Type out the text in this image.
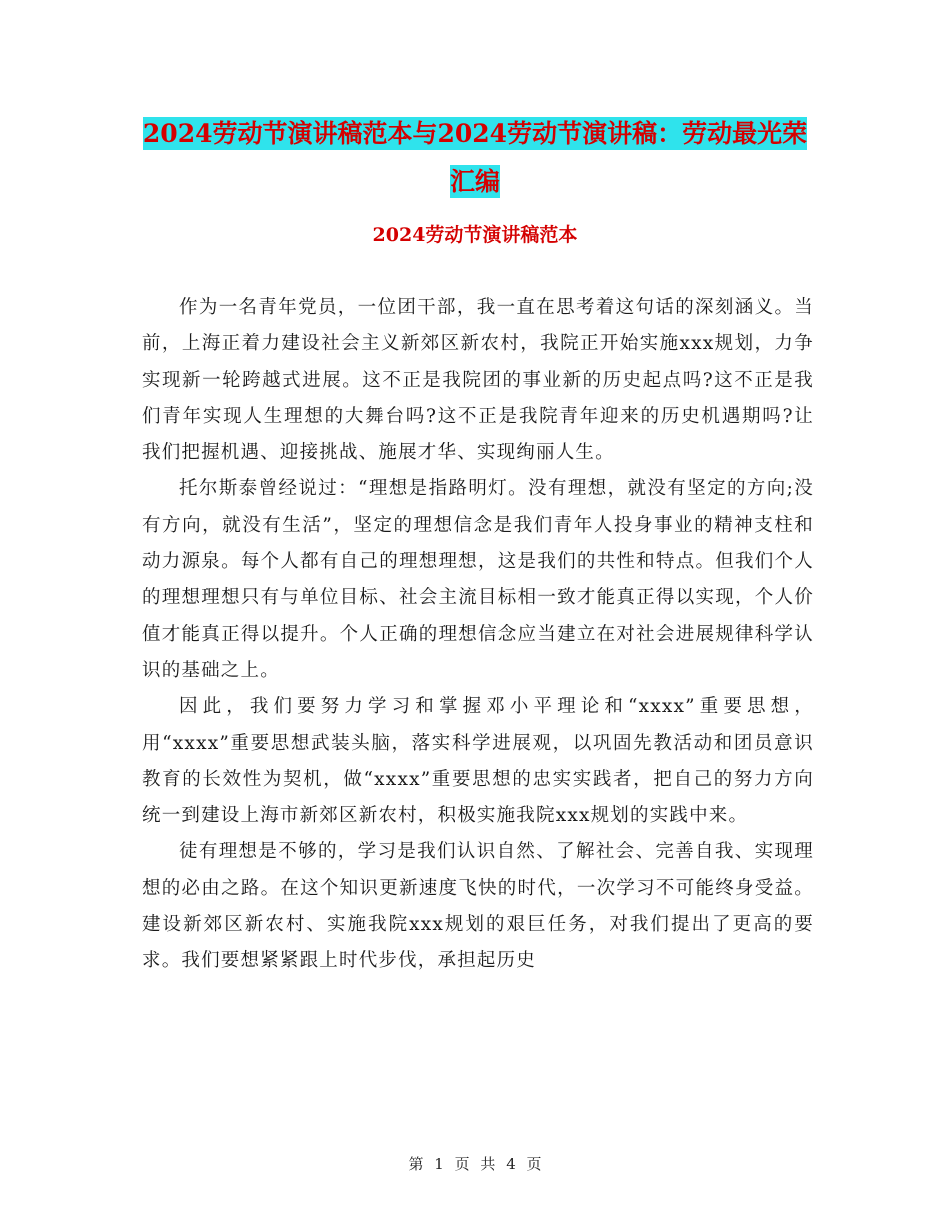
2024劳动节演讲稿范本与2024劳动节演讲稿：劳动最光荣汇编
2024劳动节演讲稿范本

作为一名青年党员，一位团干部，我一直在思考着这句话的深刻涵义。当前，上海正着力建设社会主义新郊区新农村，我院正开始实施xxx规划，力争实现新一轮跨越式进展。这不正是我院团的事业新的历史起点吗?这不正是我们青年实现人生理想的大舞台吗?这不正是我院青年迎来的历史机遇期吗?让我们把握机遇、迎接挑战、施展才华、实现绚丽人生。

托尔斯泰曾经说过：“理想是指路明灯。没有理想，就没有坚定的方向;没有方向，就没有生活”，坚定的理想信念是我们青年人投身事业的精神支柱和动力源泉。每个人都有自己的理想理想，这是我们的共性和特点。但我们个人的理想理想只有与单位目标、社会主流目标相一致才能真正得以实现，个人价值才能真正得以提升。个人正确的理想信念应当建立在对社会进展规律科学认识的基础之上。

因此，我们要努力学习和掌握邓小平理论和“xxxx”重要思想，用“xxxx”重要思想武装头脑，落实科学进展观，以巩固先教活动和团员意识教育的长效性为契机，做“xxxx”重要思想的忠实实践者，把自己的努力方向统一到建设上海市新郊区新农村，积极实施我院xxx规划的实践中来。

徒有理想是不够的，学习是我们认识自然、了解社会、完善自我、实现理想的必由之路。在这个知识更新速度飞快的时代，一次学习不可能终身受益。建设新郊区新农村、实施我院xxx规划的艰巨任务，对我们提出了更高的要求。我们要想紧紧跟上时代步伐，承担起历史

第 1 页 共 4 页
